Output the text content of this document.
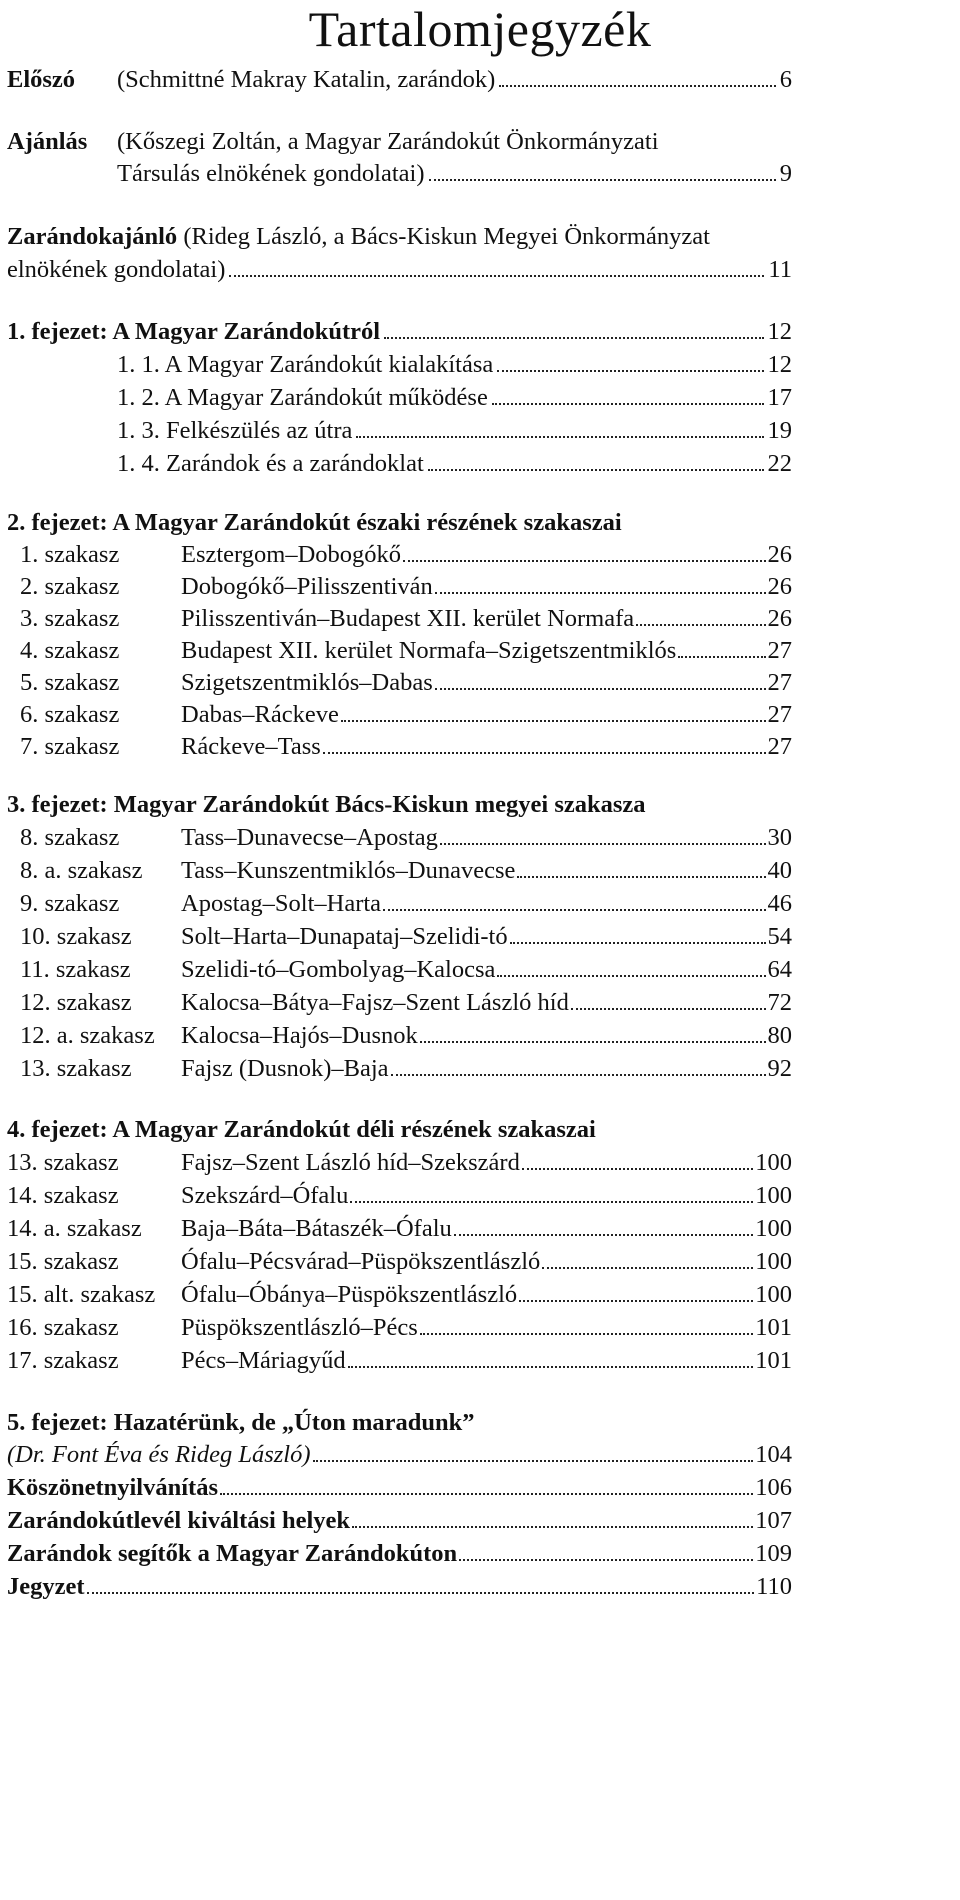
Tartalomjegyzék
Előszó (Schmittné Makray Katalin, zarándok)	6
Ajánlás (Kőszegi Zoltán, a Magyar Zarándokút Önkormányzati
Társulás elnökének gondolatai)	9
Zarándokajánló (Rideg László, a Bács-Kiskun Megyei Önkormányzat
elnökének gondolatai)	11
1. fejezet: A Magyar Zarándokútról	12
1. 1. A Magyar Zarándokút kialakítása	12
1. 2. A Magyar Zarándokút működése	17
1. 3. Felkészülés az útra	19
1. 4. Zarándok és a zarándoklat	22
2. fejezet: A Magyar Zarándokút északi részének szakaszai
1. szakasz	Esztergom–Dobogókő	26
2. szakasz	Dobogókő–Pilisszentiván	26
3. szakasz	Pilisszentiván–Budapest XII. kerület Normafa	26
4. szakasz	Budapest XII. kerület Normafa–Szigetszentmiklós	27
5. szakasz	Szigetszentmiklós–Dabas	27
6. szakasz	Dabas–Ráckeve	27
7. szakasz	Ráckeve–Tass	27
3. fejezet: Magyar Zarándokút Bács-Kiskun megyei szakasza
8. szakasz	Tass–Dunavecse–Apostag	30
8. a. szakasz Tass–Kunszentmiklós–Dunavecse	40
9. szakasz	Apostag–Solt–Harta	46
10. szakasz Solt–Harta–Dunapataj–Szelidi-tó	54
11. szakasz Szelidi-tó–Gombolyag–Kalocsa	64
12. szakasz Kalocsa–Bátya–Fajsz–Szent László híd	72
12. a. szakasz Kalocsa–Hajós–Dusnok	80
13. szakasz Fajsz (Dusnok)–Baja	92
4. fejezet: A Magyar Zarándokút déli részének szakaszai
13. szakasz	Fajsz–Szent László híd–Szekszárd	100
14. szakasz	Szekszárd–Ófalu	100
14. a. szakasz Baja–Báta–Bátaszék–Ófalu	100
15. szakasz	Ófalu–Pécsvárad–Püspökszentlászló	100
15. alt. szakasz Ófalu–Óbánya–Püspökszentlászló	100
16. szakasz	Püspökszentlászló–Pécs	101
17. szakasz	Pécs–Máriagyűd	101
5. fejezet: Hazatérünk, de „Úton maradunk”
(Dr. Font Éva és Rideg László)	104
Köszönetnyilvánítás	106
Zarándokútlevél kiváltási helyek	107
Zarándok segítők a Magyar Zarándokúton	109
Jegyzet	110
